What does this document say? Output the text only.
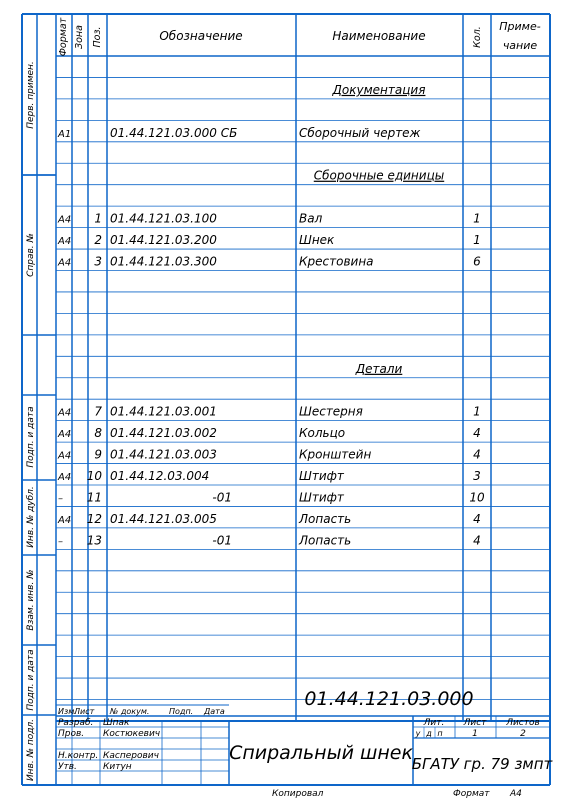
Формат Зона Поз.	Обозначение	Наименование	Кол. Приме-
чание
Перв. примен.
Справ. №
Подп. и дата
Инв. № дубл.
Взам. инв. №
Подп. и дата
Инв. № подл.
Документация
А1	01.44.121.03.000 СБ	Сборочный чертеж
Сборочные единицы
А4 1 01.44.121.03.100	Вал	1
А4 2 01.44.121.03.200	Шнек	1
А4 3 01.44.121.03.300	Крестовина	6
Детали
А4 7 01.44.121.03.001	Шестерня	1
А4 8 01.44.121.03.002	Кольцо	4
А4 9 01.44.121.03.003	Кронштейн	4
А4 10 01.44.12.03.004	Штифт	3
– 11	-01	Штифт	10
А4 12 01.44.121.03.005	Лопасть	4
– 13	-01	Лопасть	4
Изм.
Лист № докум. Подп. Дата
01.44.121.03.000
Спиральный шнек
Лит. Лист Листов
у д п	1	2
БГАТУ гр. 79 змпт
Разраб. Шпак
Пров. Костюкевич
Н.контр. Касперович
Утв.	Китун
Копировал	Формат А4
